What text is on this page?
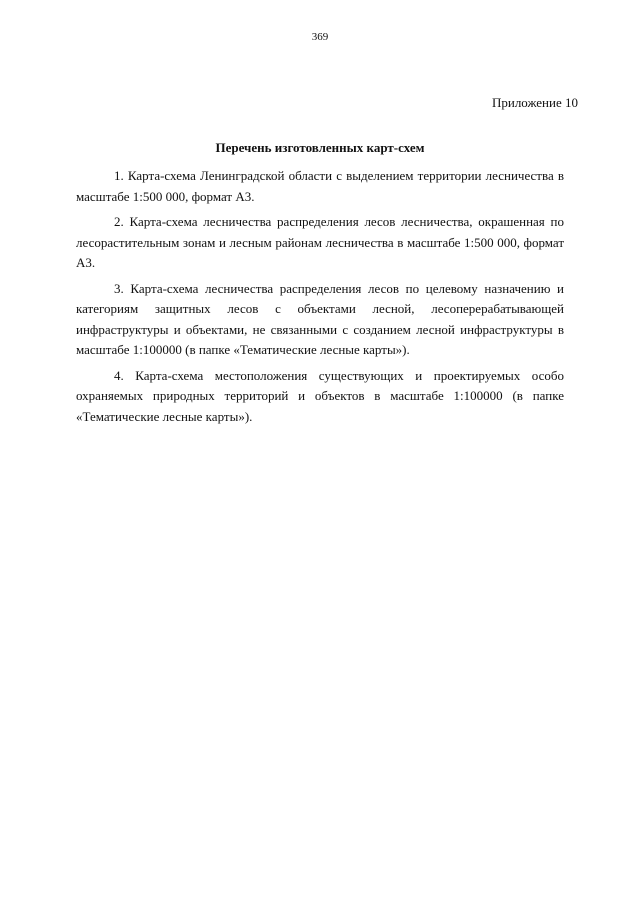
369
Приложение 10
Перечень изготовленных карт-схем

1. Карта-схема Ленинградской области с выделением территории лесничества в масштабе 1:500 000, формат А3.

2. Карта-схема лесничества распределения лесов лесничества, окрашенная по лесорастительным зонам и лесным районам лесничества в масштабе 1:500 000, формат А3.

3. Карта-схема лесничества распределения лесов по целевому назначению и категориям защитных лесов с объектами лесной, лесоперерабатывающей инфраструктуры и объектами, не связанными с созданием лесной инфраструктуры в масштабе 1:100000 (в папке «Тематические лесные карты»).

4. Карта-схема местоположения существующих и проектируемых особо охраняемых природных территорий и объектов в масштабе 1:100000 (в папке «Тематические лесные карты»).
